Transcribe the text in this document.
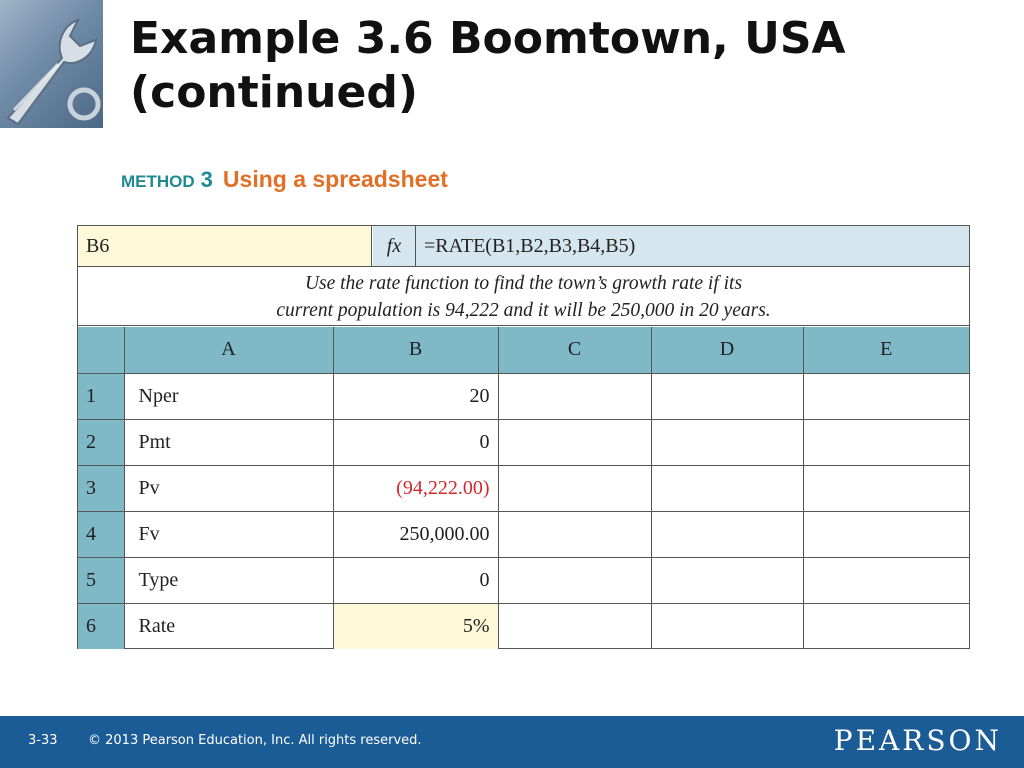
Example 3.6 Boomtown, USA
(continued)
METHOD 3 Using a spreadsheet
B6	fx	=RATE(B1,B2,B3,B4,B5)
Use the rate function to find the town’s growth rate if its
current population is 94,222 and it will be 250,000 in 20 years.
	A	B	C	D	E
1	Nper	20			
2	Pmt	0			
3	Pv	(94,222.00)			
4	Fv	250,000.00			
5	Type	0			
6	Rate	5%			
3-33 © 2013 Pearson Education, Inc. All rights reserved.	PEARSON
